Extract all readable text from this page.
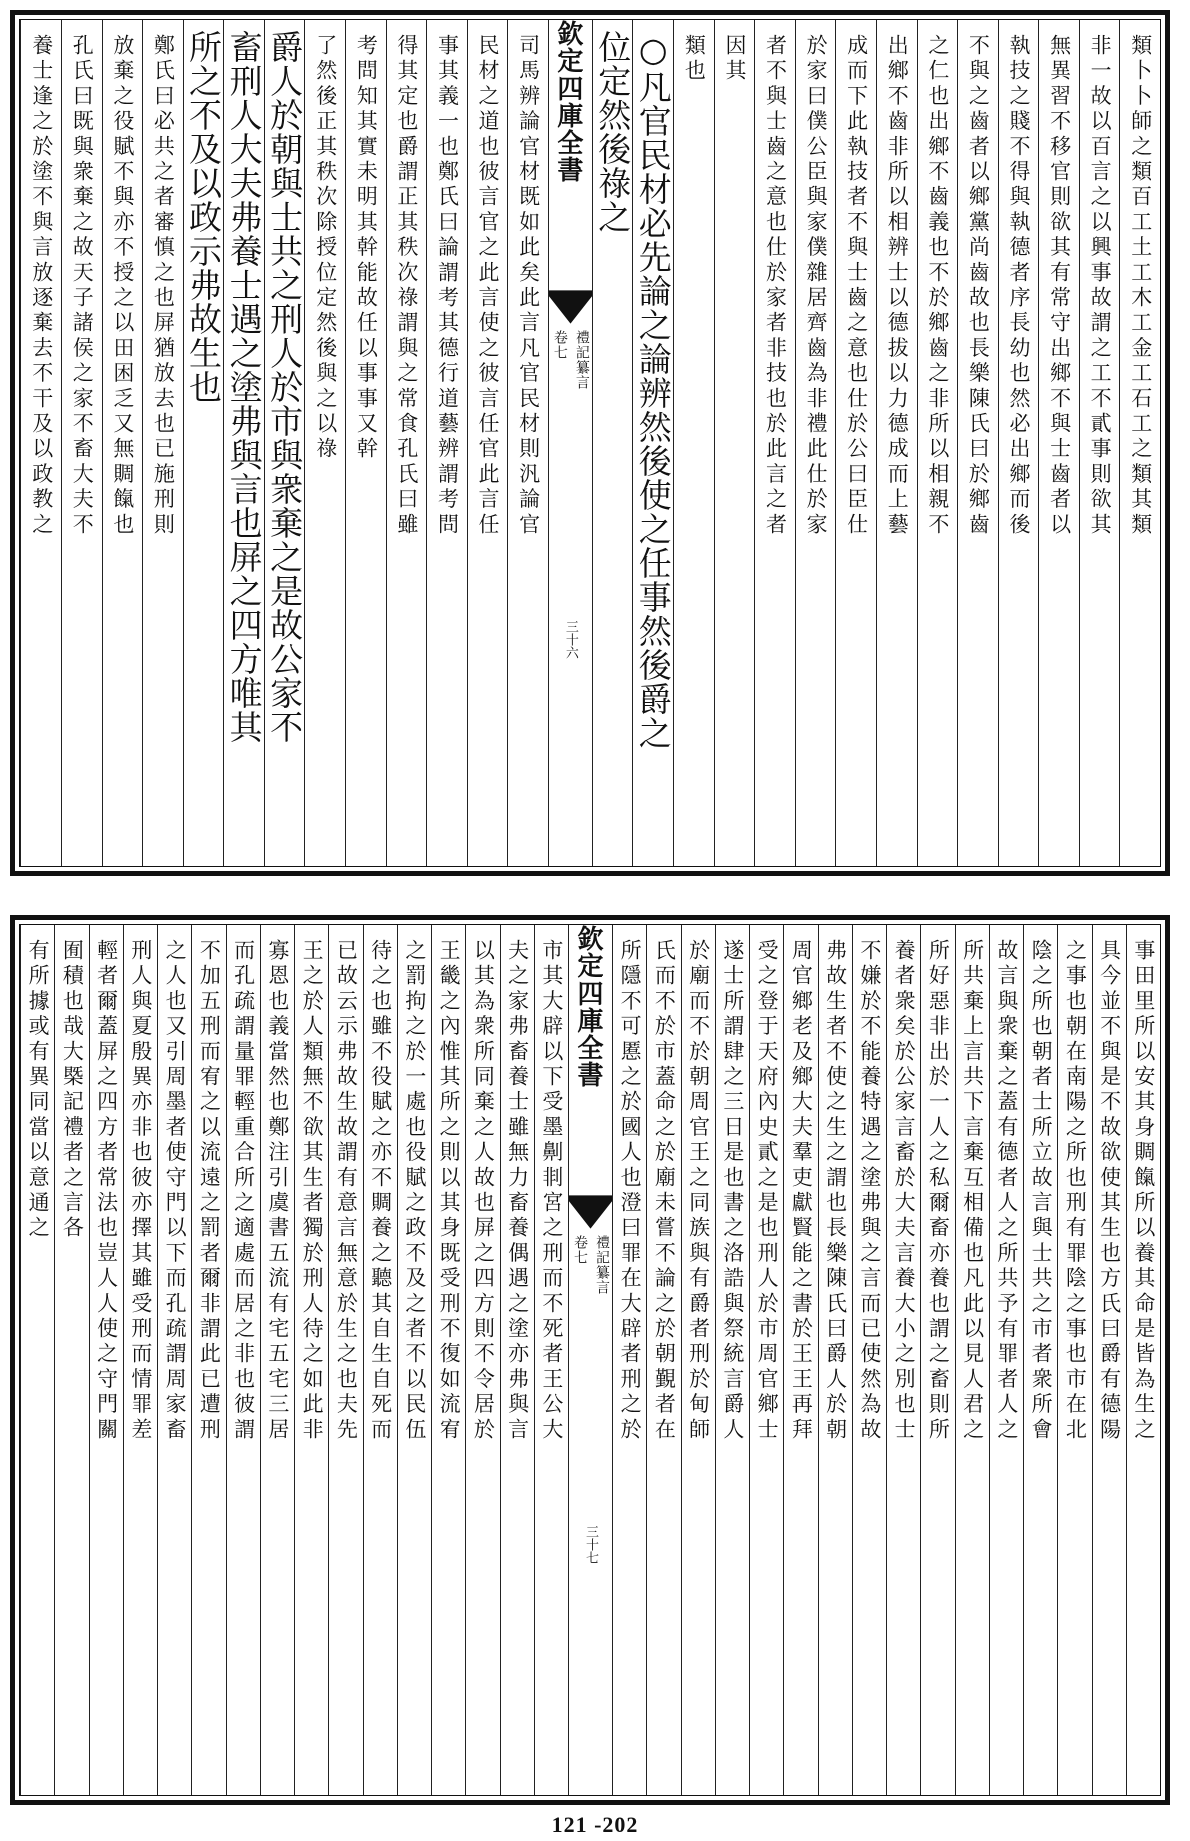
類卜卜師之類百工土工木工金工石工之類其類
非一故以百言之以興事故謂之工不貳事則欲其
無異習不移官則欲其有常守出鄉不與士齒者以
執技之賤不得與執德者序長幼也然必出鄉而後
不與之齒者以鄉黨尚齒故也長樂陳氏曰於鄉齒
之仁也出鄉不齒義也不於鄉齒之非所以相親不
出鄉不齒非所以相辨士以德拔以力德成而上藝
成而下此執技者不與士齒之意也仕於公曰臣仕
於家曰僕公臣與家僕雜居齊齒為非禮此仕於家
者不與士齒之意也仕於家者非技也於此言之者
因其
類也
○凡官民材必先論之論辨然後使之任事然後爵之
位定然後祿之
欽
定
四
庫
全
書
卷七 禮記纂言
三十六
司馬辨論官材既如此矣此言凡官民材則汎論官
民材之道也彼言官之此言使之彼言任官此言任
事其義一也鄭氏曰論謂考其德行道藝辨謂考問
得其定也爵謂正其秩次祿謂與之常食孔氏曰雖
考問知其實未明其幹能故任以事事又幹
了然後正其秩次除授位定然後與之以祿
爵人於朝與士共之刑人於市與衆棄之是故公家不
畜刑人大夫弗養士遇之塗弗與言也屏之四方唯其
所之不及以政示弗故生也
鄭氏曰必共之者審慎之也屏猶放去也已施刑則
放棄之役賦不與亦不授之以田困乏又無賙餼也
孔氏曰既與衆棄之故天子諸侯之家不畜大夫不
養士逢之於塗不與言放逐棄去不干及以政教之
事田里所以安其身賙餼所以養其命是皆為生之
具今並不與是不故欲使其生也方氏曰爵有德陽
之事也朝在南陽之所也刑有罪陰之事也市在北
陰之所也朝者士所立故言與士共之市者衆所會
故言與衆棄之蓋有德者人之所共予有罪者人之
所共棄上言共下言棄互相備也凡此以見人君之
所好惡非出於一人之私爾畜亦養也謂之畜則所
養者衆矣於公家言畜於大夫言養大小之別也士
不嫌於不能養特遇之塗弗與之言而已使然為故
弗故生者不使之生之謂也長樂陳氏曰爵人於朝
周官鄉老及鄉大夫羣吏獻賢能之書於王王再拜
受之登于天府內史貳之是也刑人於市周官鄉士
遂士所謂肆之三日是也書之洛誥與祭統言爵人
於廟而不於朝周官王之同族與有爵者刑於甸師
氏而不於市蓋命之於廟未嘗不論之於朝覲者在
所隱不可慝之於國人也澄曰罪在大辟者刑之於
欽
定
四
庫
全
書
卷七 禮記纂言
三十七
市其大辟以下受墨劓剕宮之刑而不死者王公大
夫之家弗畜養士雖無力畜養偶遇之塗亦弗與言
以其為衆所同棄之人故也屏之四方則不令居於
王畿之內惟其所之則以其身既受刑不復如流宥
之罰拘之於一處也役賦之政不及之者不以民伍
待之也雖不役賦之亦不賙養之聽其自生自死而
已故云示弗故生故謂有意言無意於生之也夫先
王之於人類無不欲其生者獨於刑人待之如此非
寡恩也義當然也鄭注引虞書五流有宅五宅三居
而孔疏謂量罪輕重合所之適處而居之非也彼謂
不加五刑而宥之以流遠之罰者爾非謂此已遭刑
之人也又引周墨者使守門以下而孔疏謂周家畜
刑人與夏殷異亦非也彼亦擇其雖受刑而情罪差
輕者爾蓋屏之四方者常法也豈人人使之守門關
囿積也哉大槩記禮者之言各
有所據或有異同當以意通之
121 -202
